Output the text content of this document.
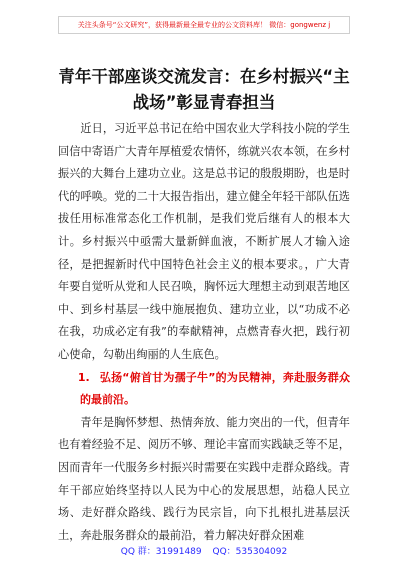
关注头条号“公文研究”，获得最新最全最专业的公文资料库！ 微信：gongwenz j
青年干部座谈交流发言：在乡村振兴“主战场”彰显青春担当

近日，习近平总书记在给中国农业大学科技小院的学生回信中寄语广大青年厚植爱农情怀，练就兴农本领，在乡村振兴的大舞台上建功立业。这是总书记的殷殷期盼，也是时代的呼唤。党的二十大报告指出，建立健全年轻干部队伍选拔任用标准常态化工作机制，是我们党后继有人的根本大计。乡村振兴中亟需大量新鲜血液，不断扩展人才输入途径，是把握新时代中国特色社会主义的根本要求。，广大青年要自觉听从党和人民召唤，胸怀远大理想主动到艰苦地区中、到乡村基层一线中施展抱负、建功立业，以“功成不必在我，功成必定有我”的奉献精神，点燃青春火把，践行初心使命，勾勒出绚丽的人生底色。

1. 弘扬“俯首甘为孺子牛”的为民精神，奔赴服务群众的最前沿。

青年是胸怀梦想、热情奔放、能力突出的一代，但青年也有着经验不足、阅历不够、理论丰富而实践缺乏等不足，因而青年一代服务乡村振兴时需要在实践中走群众路线。青年干部应始终坚持以人民为中心的发展思想，站稳人民立场、走好群众路线、践行为民宗旨，向下扎根扎进基层沃土，奔赴服务群众的最前沿，着力解决好群众困难

QQ 群：31991489 QQ：535304092
